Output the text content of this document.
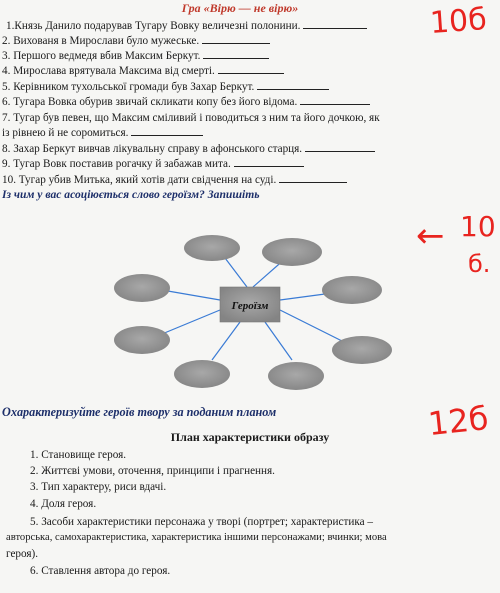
Гра «Вірю — не вірю»
1.Князь Данило подарував Тугару Вовку величезні полонини.
2. Вихованя в Мирослави було мужеське.
3. Першого ведмедя вбив Максим Беркут.
4. Мирослава врятувала Максима від смерті.
5. Керівником тухольської громади був Захар Беркут.
6. Тугара Вовка обурив звичай скликати копу без його відома.
7. Тугар був певен, що Максим сміливий і поводиться з ним та його дочкою, як
із рівнею й не соромиться.
8. Захар Беркут вивчав лікувальну справу в афонського старця.
9. Тугар Вовк поставив рогачку й забажав мита.
10. Тугар убив Митька, який хотів дати свідчення на суді.
Із чим у вас асоціюється слово героїзм? Запишіть
10б
← 10
б.
12б
Героїзм
Охарактеризуйте героїв твору за поданим планом
План характеристики образу
1. Становище героя.
2. Життєві умови, оточення, принципи і прагнення.
3. Тип характеру, риси вдачі.
4. Доля героя.
5. Засоби характеристики персонажа у творі (портрет; характеристика –
авторська, самохарактеристика, характеристика іншими персонажами; вчинки; мова
героя).
6. Ставлення автора до героя.
